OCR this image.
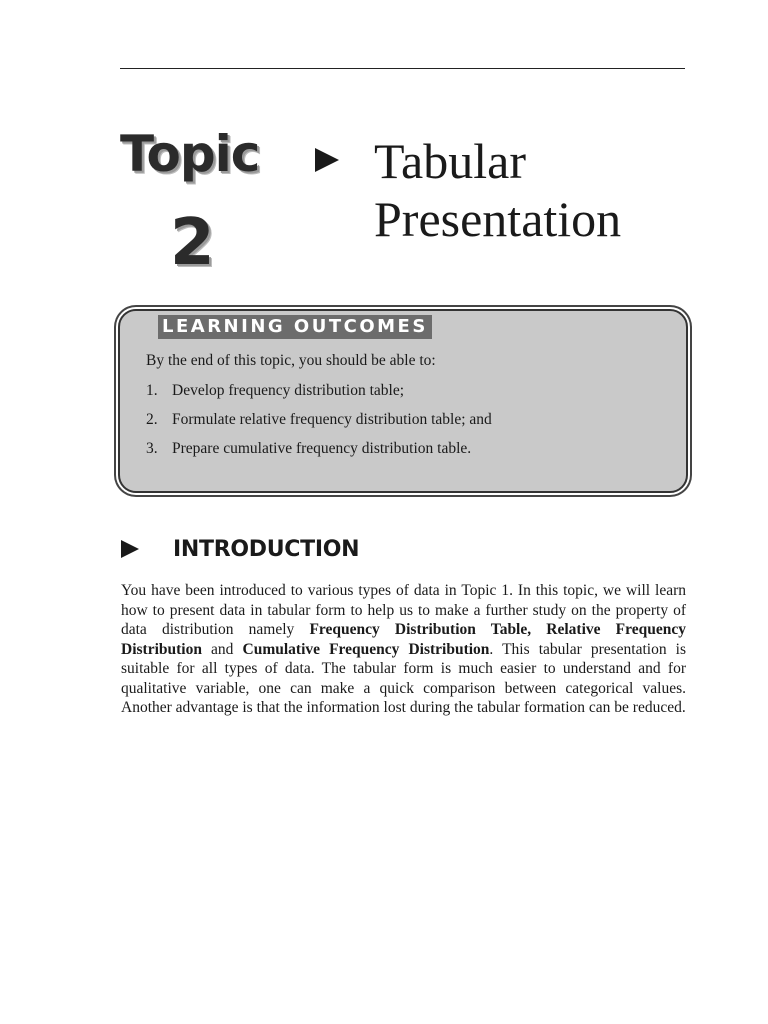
Topic
2
Tabular
Presentation
LEARNING OUTCOMES
By the end of this topic, you should be able to:
1. Develop frequency distribution table;
2. Formulate relative frequency distribution table; and
3. Prepare cumulative frequency distribution table.
INTRODUCTION

You have been introduced to various types of data in Topic 1. In this topic, we will learn how to present data in tabular form to help us to make a further study on the property of data distribution namely Frequency Distribution Table, Relative Frequency Distribution and Cumulative Frequency Distribution. This tabular presentation is suitable for all types of data. The tabular form is much easier to understand and for qualitative variable, one can make a quick comparison between categorical values. Another advantage is that the information lost during the tabular formation can be reduced.
